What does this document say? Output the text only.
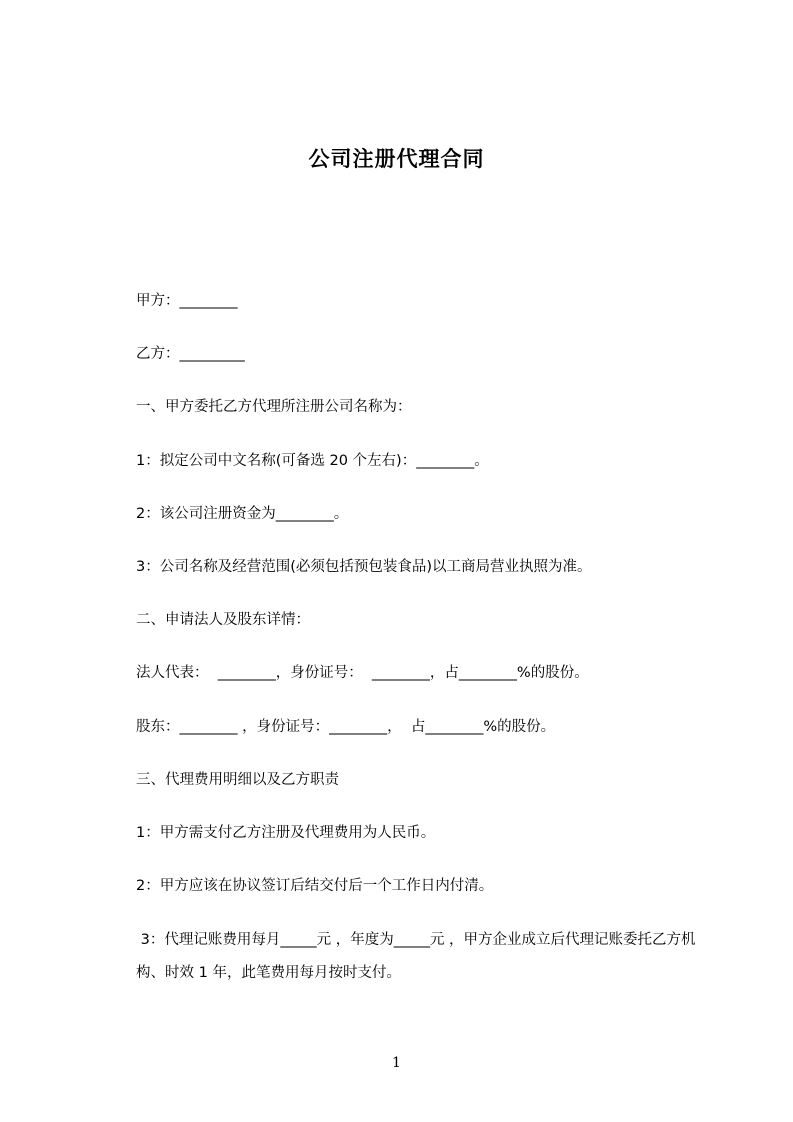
公司注册代理合同

甲方：________

乙方：_________

一、甲方委托乙方代理所注册公司名称为：

1：拟定公司中文名称(可备选 20 个左右)：________。

2：该公司注册资金为________。

3：公司名称及经营范围(必须包括预包装食品)以工商局营业执照为准。

二、申请法人及股东详情：

法人代表：  ________，身份证号：  ________，占________%的股份。

股东：________ ，身份证号：________，  占________%的股份。

三、代理费用明细以及乙方职责

1：甲方需支付乙方注册及代理费用为人民币。

2：甲方应该在协议签订后结交付后一个工作日内付清。

3：代理记账费用每月_____元 ，年度为_____元 ，甲方企业成立后代理记账委托乙方机构、时效 1 年，此笔费用每月按时支付。

1
